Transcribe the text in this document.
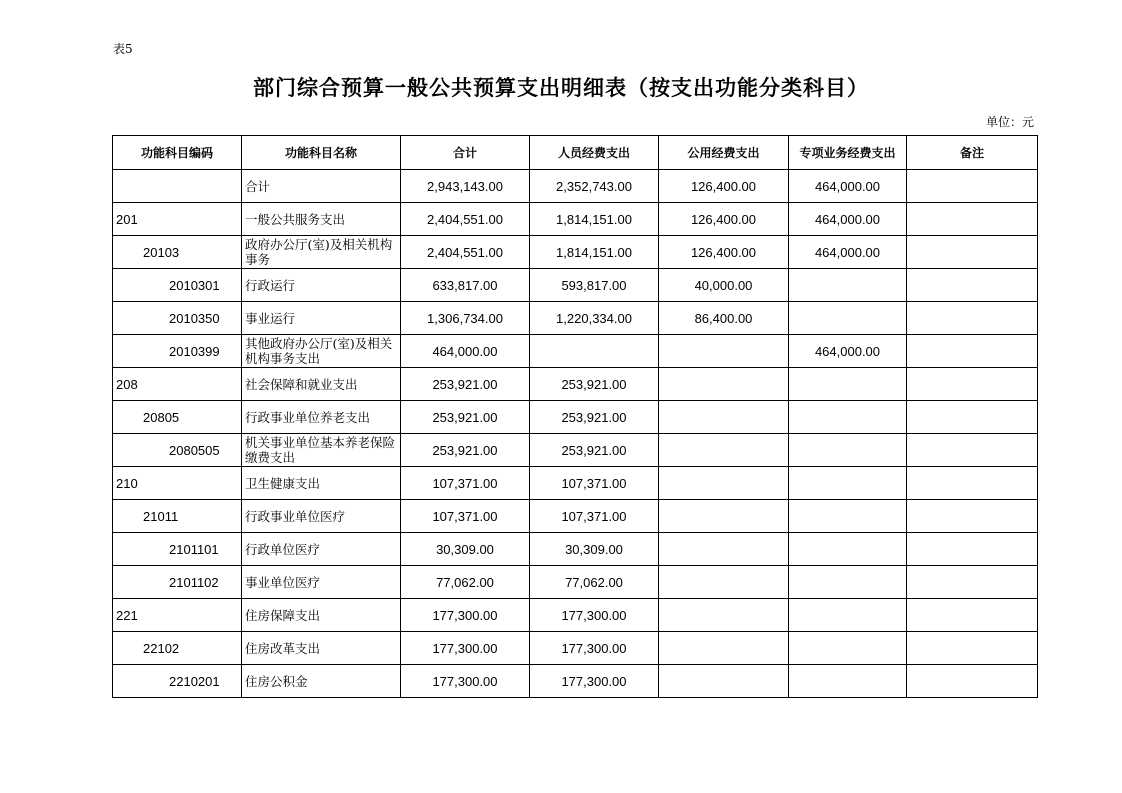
表5
部门综合预算一般公共预算支出明细表（按支出功能分类科目）
单位：元
功能科目编码	功能科目名称	合计	人员经费支出	公用经费支出	专项业务经费支出	备注
	合计	2,943,143.00	2,352,743.00	126,400.00	464,000.00	
201	一般公共服务支出	2,404,551.00	1,814,151.00	126,400.00	464,000.00	
20103	政府办公厅(室)及相关机构事务	2,404,551.00	1,814,151.00	126,400.00	464,000.00	
2010301	行政运行	633,817.00	593,817.00	40,000.00		
2010350	事业运行	1,306,734.00	1,220,334.00	86,400.00		
2010399	其他政府办公厅(室)及相关机构事务支出	464,000.00			464,000.00	
208	社会保障和就业支出	253,921.00	253,921.00			
20805	行政事业单位养老支出	253,921.00	253,921.00			
2080505	机关事业单位基本养老保险缴费支出	253,921.00	253,921.00			
210	卫生健康支出	107,371.00	107,371.00			
21011	行政事业单位医疗	107,371.00	107,371.00			
2101101	行政单位医疗	30,309.00	30,309.00			
2101102	事业单位医疗	77,062.00	77,062.00			
221	住房保障支出	177,300.00	177,300.00			
22102	住房改革支出	177,300.00	177,300.00			
2210201	住房公积金	177,300.00	177,300.00			
